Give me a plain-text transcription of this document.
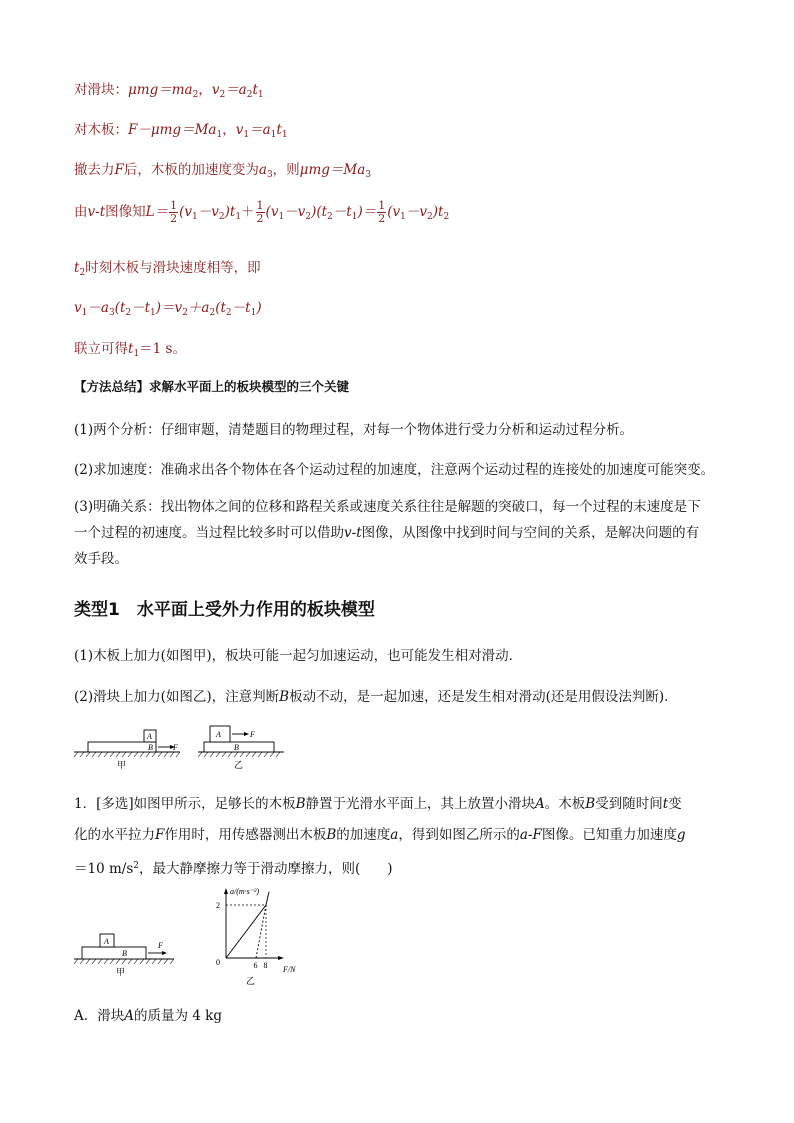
对滑块：$\mu mg=ma_2$，$v_2=a_2t_1$
对木板：$F-\mu mg=Ma_1$，$v_1=a_1t_1$
撤去力F后，木板的加速度变为$a_3$，则$\mu mg=Ma_3$
由v-t图像知$L= \frac{1}{2} (v_1-v_2)t_1+ \frac{1}{2} (v_1-v_2)(t_2-t_1)= \frac{1}{2} (v_1-v_2)t_2$
$t_2$时刻木板与滑块速度相等，即
$v_1-a_3(t_2-t_1)=v_2+a_2(t_2-t_1)$
联立可得$t_1=1$ s。
【方法总结】求解水平面上的板块模型的三个关键
(1)两个分析：仔细审题，清楚题目的物理过程，对每一个物体进行受力分析和运动过程分析。
(2)求加速度：准确求出各个物体在各个运动过程的加速度，注意两个运动过程的连接处的加速度可能突变。
(3)明确关系：找出物体之间的位移和路程关系或速度关系往往是解题的突破口，每一个过程的末速度是下
一个过程的初速度。当过程比较多时可以借助v-t图像，从图像中找到时间与空间的关系，是解决问题的有
效手段。
类型1　水平面上受外力作用的板块模型
(1)木板上加力(如图甲)，板块可能一起匀加速运动，也可能发生相对滑动．
(2)滑块上加力(如图乙)，注意判断B板动不动，是一起加速，还是发生相对滑动(还是用假设法判断)．
A
B	F
甲
A
B
F
乙
1．[多选]如图甲所示，足够长的木板B静置于光滑水平面上，其上放置小滑块A。木板B受到随时间t变
化的水平拉力F作用时，用传感器测出木板B的加速度a，得到如图乙所示的a-F图像。已知重力加速度g
＝10 $m/s^2$，最大静摩擦力等于滑动摩擦力，则(　　)
A
B
F
甲
a/(m·s⁻²)
F/N
0
2
6 8
乙
A．滑块A的质量为 4 kg
